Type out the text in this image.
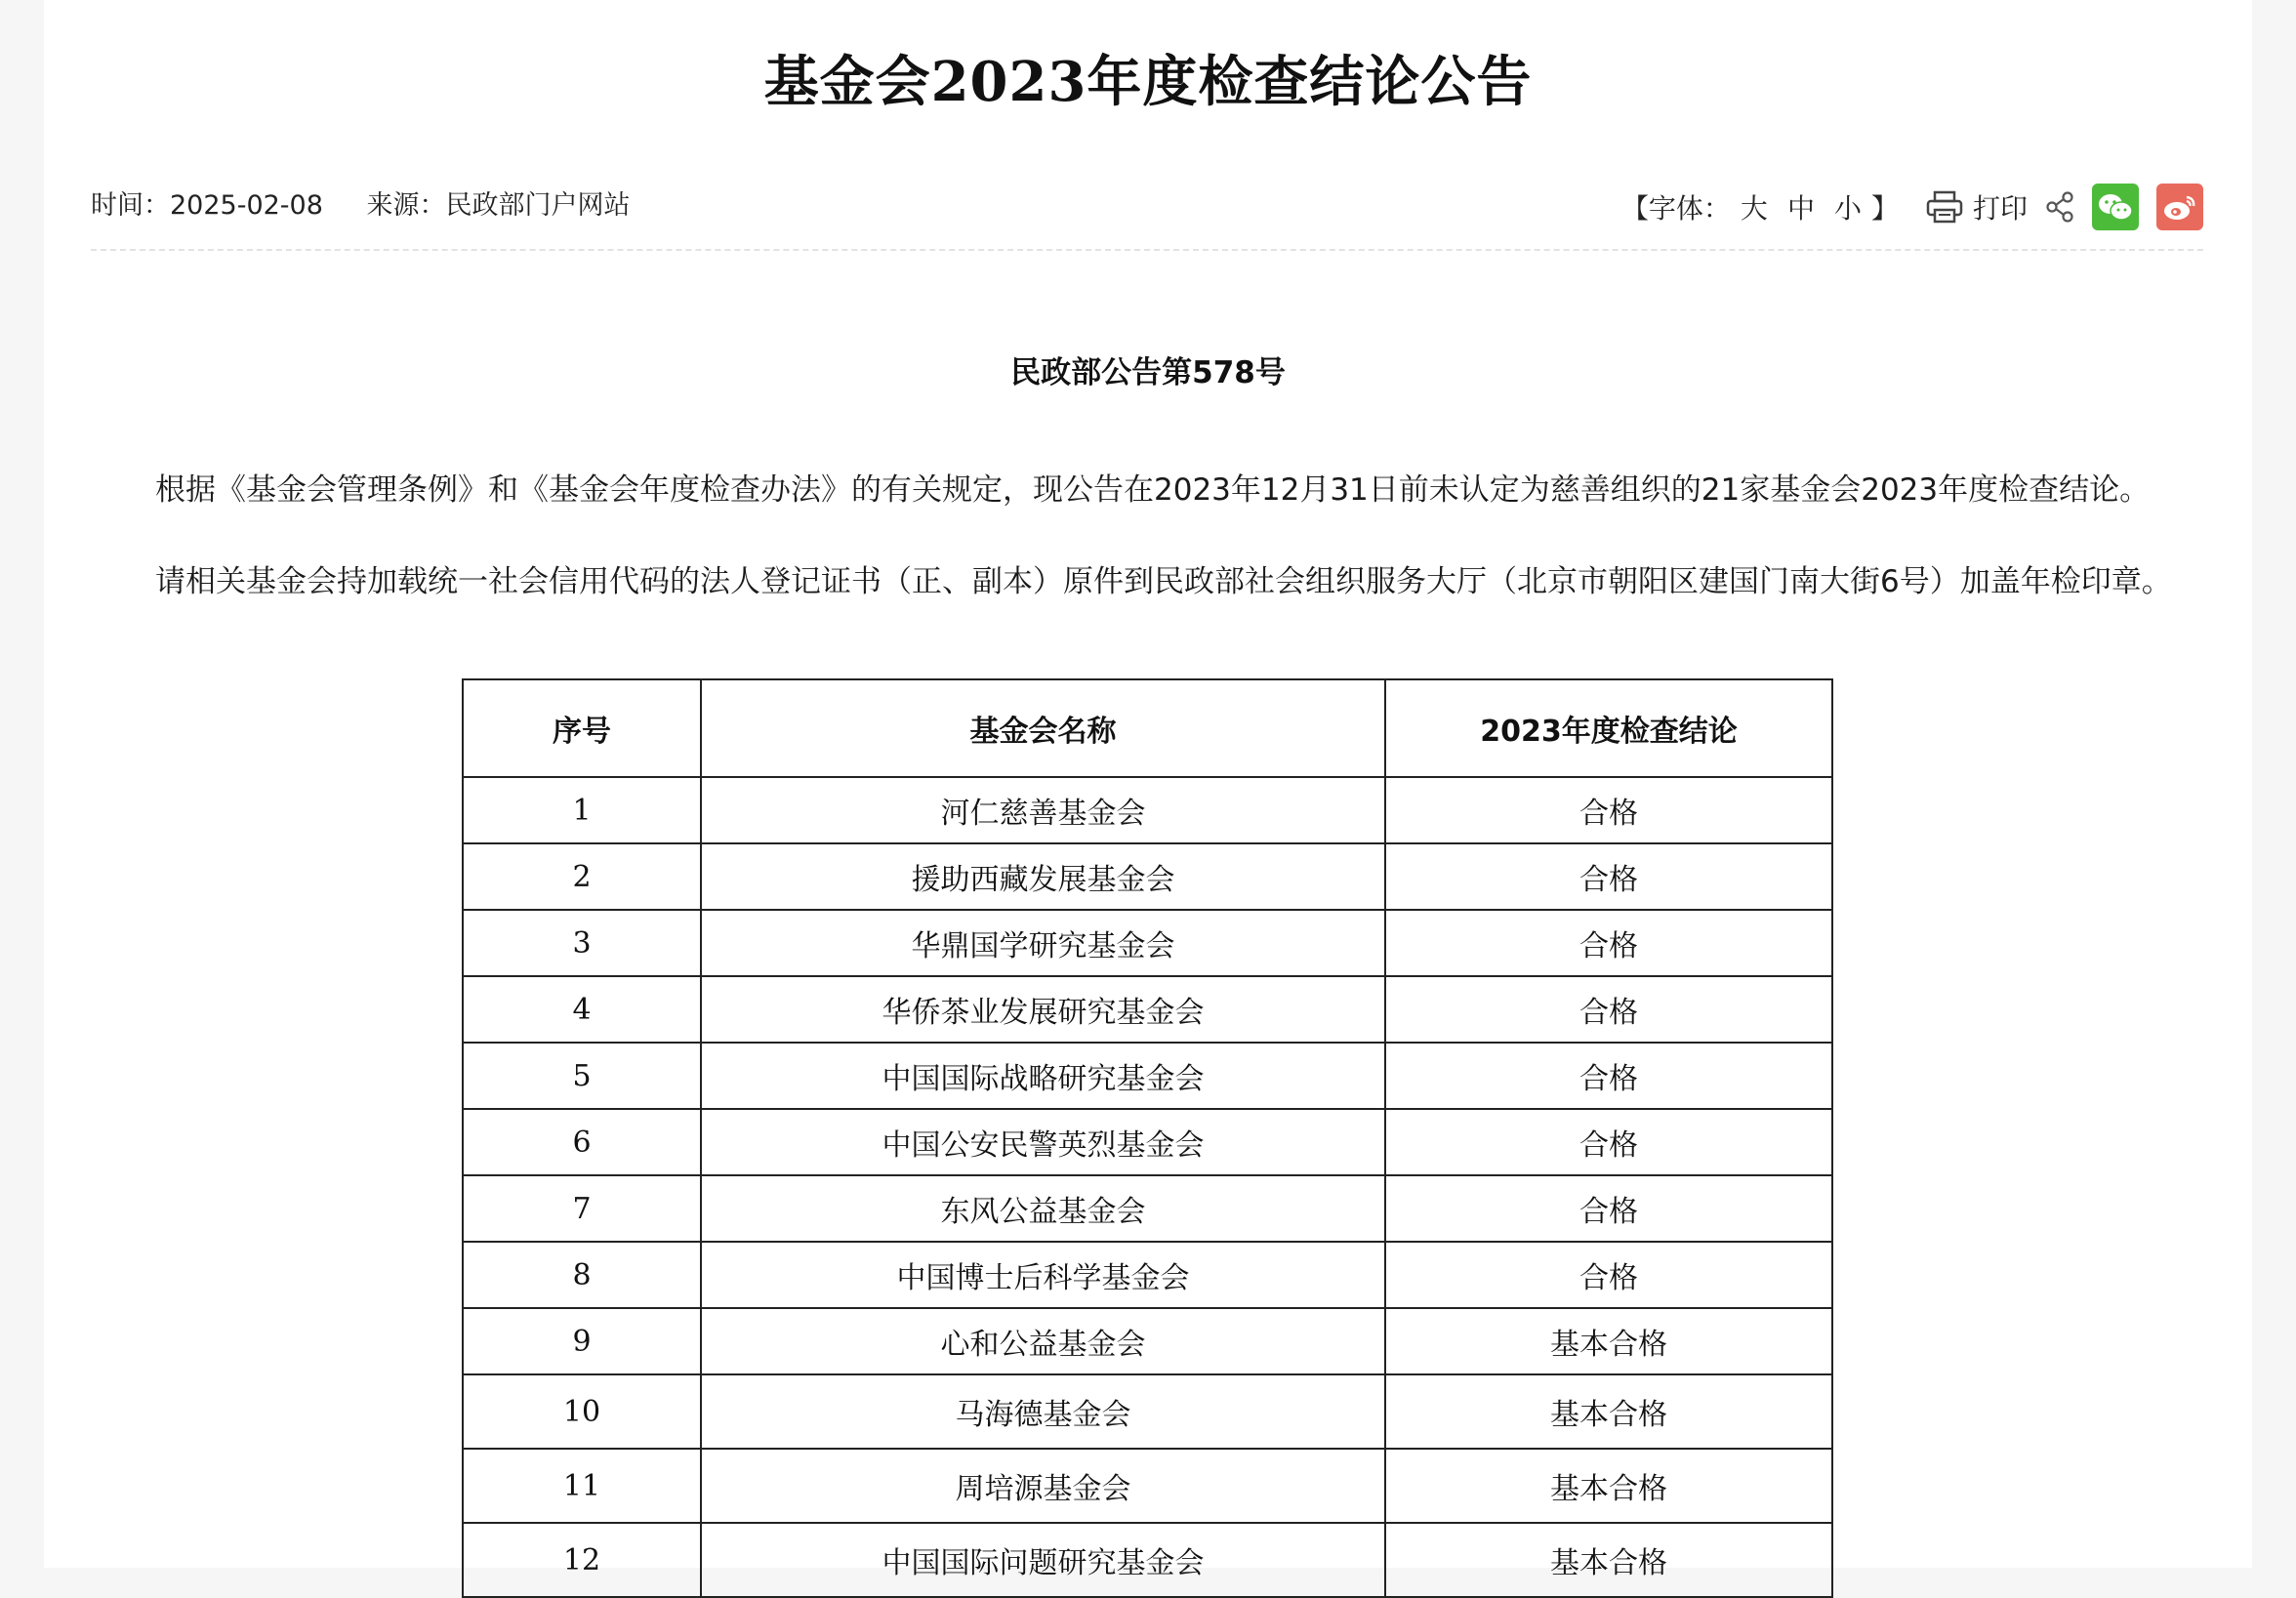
基金会2023年度检查结论公告
时间：2025-02-08 来源：民政部门户网站	【字体： 大 中 小 】	打印
民政部公告第578号
根据《基金会管理条例》和《基金会年度检查办法》的有关规定，现公告在2023年12月31日前未认定为慈善组织的21家基金会2023年度检查结论。
请相关基金会持加载统一社会信用代码的法人登记证书（正、副本）原件到民政部社会组织服务大厅（北京市朝阳区建国门南大街6号）加盖年检印章。
序号	基金会名称	2023年度检查结论
1	河仁慈善基金会	合格
2	援助西藏发展基金会	合格
3	华鼎国学研究基金会	合格
4	华侨茶业发展研究基金会	合格
5	中国国际战略研究基金会	合格
6	中国公安民警英烈基金会	合格
7	东风公益基金会	合格
8	中国博士后科学基金会	合格
9	心和公益基金会	基本合格
10	马海德基金会	基本合格
11	周培源基金会	基本合格
12	中国国际问题研究基金会	基本合格
